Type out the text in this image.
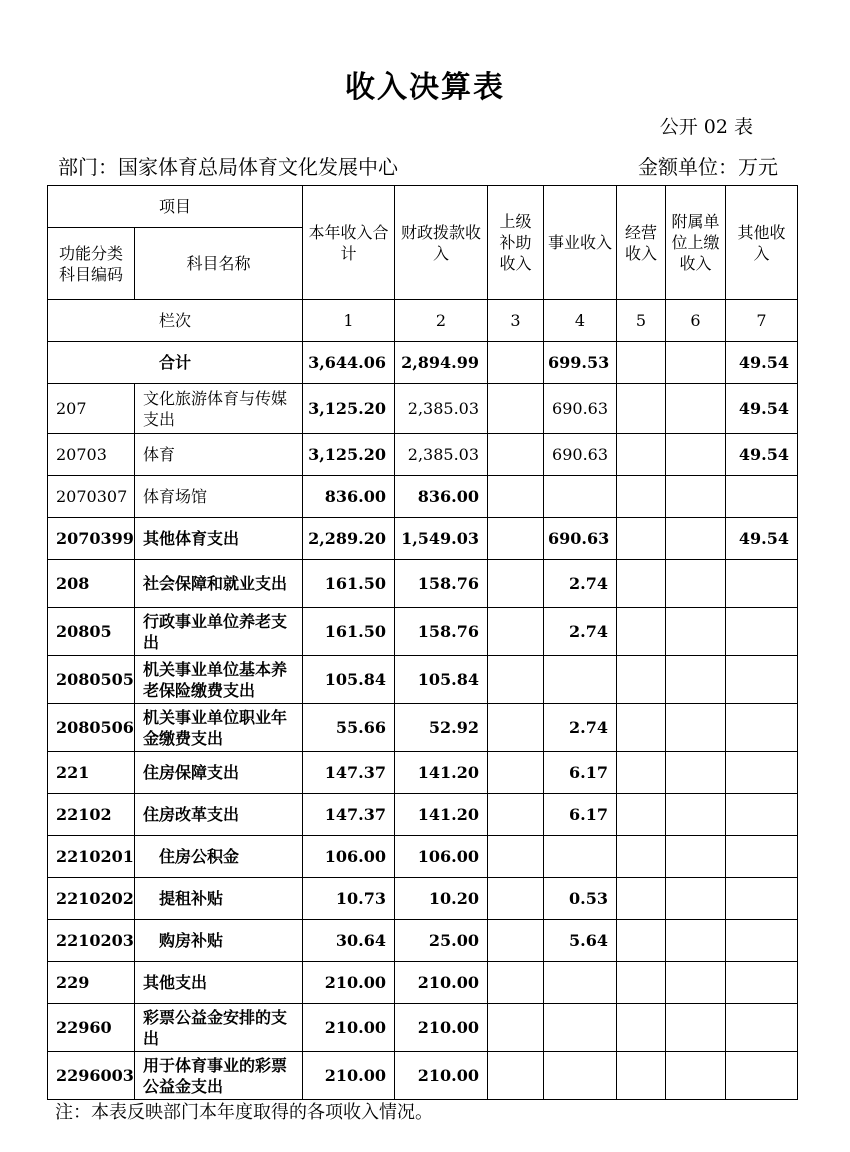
收入决算表
公开 02 表
部门：国家体育总局体育文化发展中心	金额单位：万元
项目		本年收入合计	财政拨款收入	上级补助收入	事业收入	经营收入	附属单位上缴收入	其他收入
功能分类科目编码	科目名称							
栏次		1	2	3	4	5	6	7
合计		3,644.06	2,894.99		699.53			49.54
207	文化旅游体育与传媒支出	3,125.20	2,385.03		690.63			49.54
20703	体育	3,125.20	2,385.03		690.63			49.54
2070307	体育场馆	836.00	836.00					
2070399	其他体育支出	2,289.20	1,549.03		690.63			49.54
208	社会保障和就业支出	161.50	158.76		2.74			
20805	行政事业单位养老支出	161.50	158.76		2.74			
2080505	机关事业单位基本养老保险缴费支出	105.84	105.84					
2080506	机关事业单位职业年金缴费支出	55.66	52.92		2.74			
221	住房保障支出	147.37	141.20		6.17			
22102	住房改革支出	147.37	141.20		6.17			
2210201	住房公积金	106.00	106.00					
2210202	提租补贴	10.73	10.20		0.53			
2210203	购房补贴	30.64	25.00		5.64			
229	其他支出	210.00	210.00					
22960	彩票公益金安排的支出	210.00	210.00					
2296003	用于体育事业的彩票公益金支出	210.00	210.00					
注：本表反映部门本年度取得的各项收入情况。
